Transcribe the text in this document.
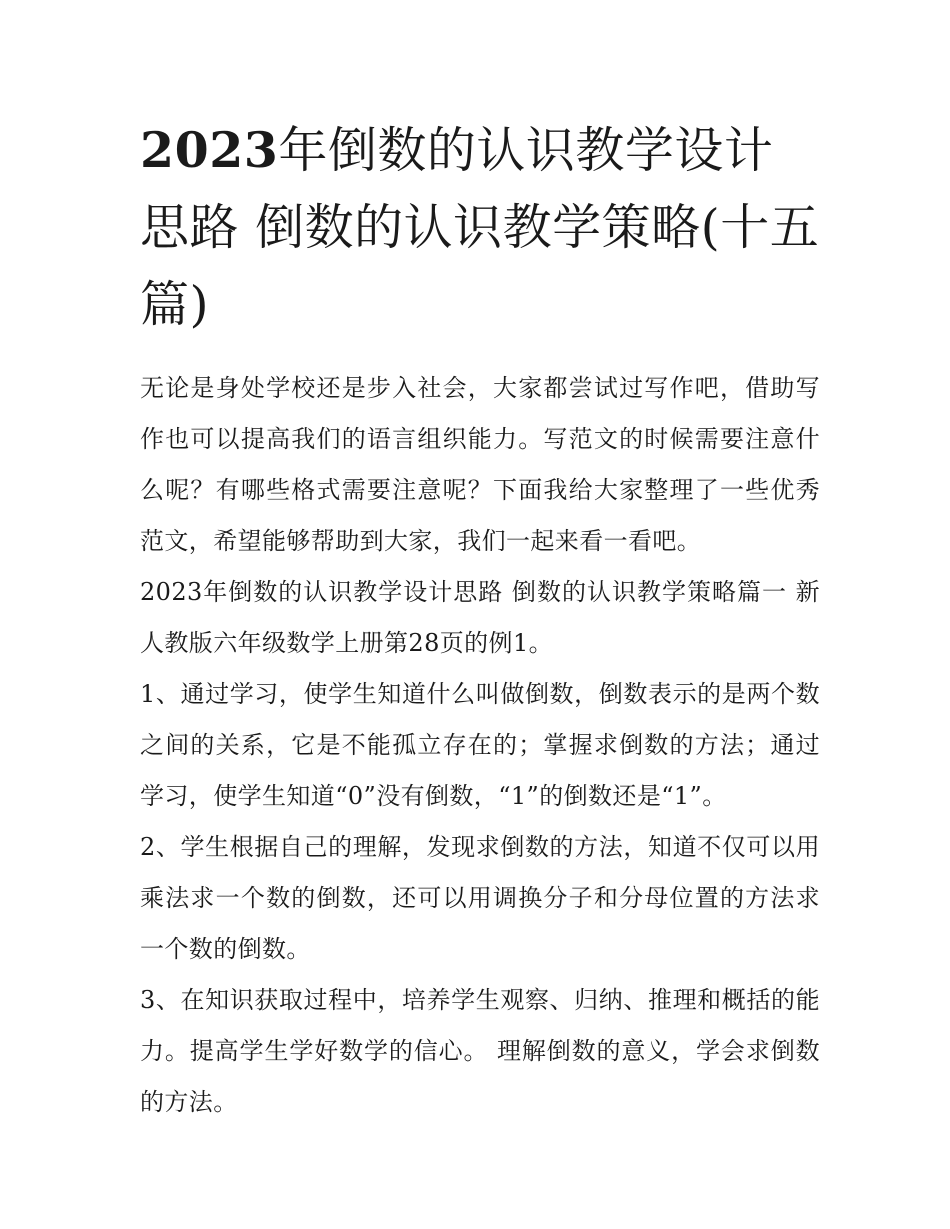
2023年倒数的认识教学设计思路 倒数的认识教学策略(十五篇)

无论是身处学校还是步入社会，大家都尝试过写作吧，借助写作也可以提高我们的语言组织能力。写范文的时候需要注意什么呢？有哪些格式需要注意呢？下面我给大家整理了一些优秀范文，希望能够帮助到大家，我们一起来看一看吧。

2023年倒数的认识教学设计思路 倒数的认识教学策略篇一 新人教版六年级数学上册第28页的例1。

1、通过学习，使学生知道什么叫做倒数，倒数表示的是两个数之间的关系，它是不能孤立存在的；掌握求倒数的方法；通过学习，使学生知道“0”没有倒数，“1”的倒数还是“1”。

2、学生根据自己的理解，发现求倒数的方法，知道不仅可以用乘法求一个数的倒数，还可以用调换分子和分母位置的方法求一个数的倒数。

3、在知识获取过程中，培养学生观察、归纳、推理和概括的能力。提高学生学好数学的信心。 理解倒数的意义，学会求倒数的方法。
